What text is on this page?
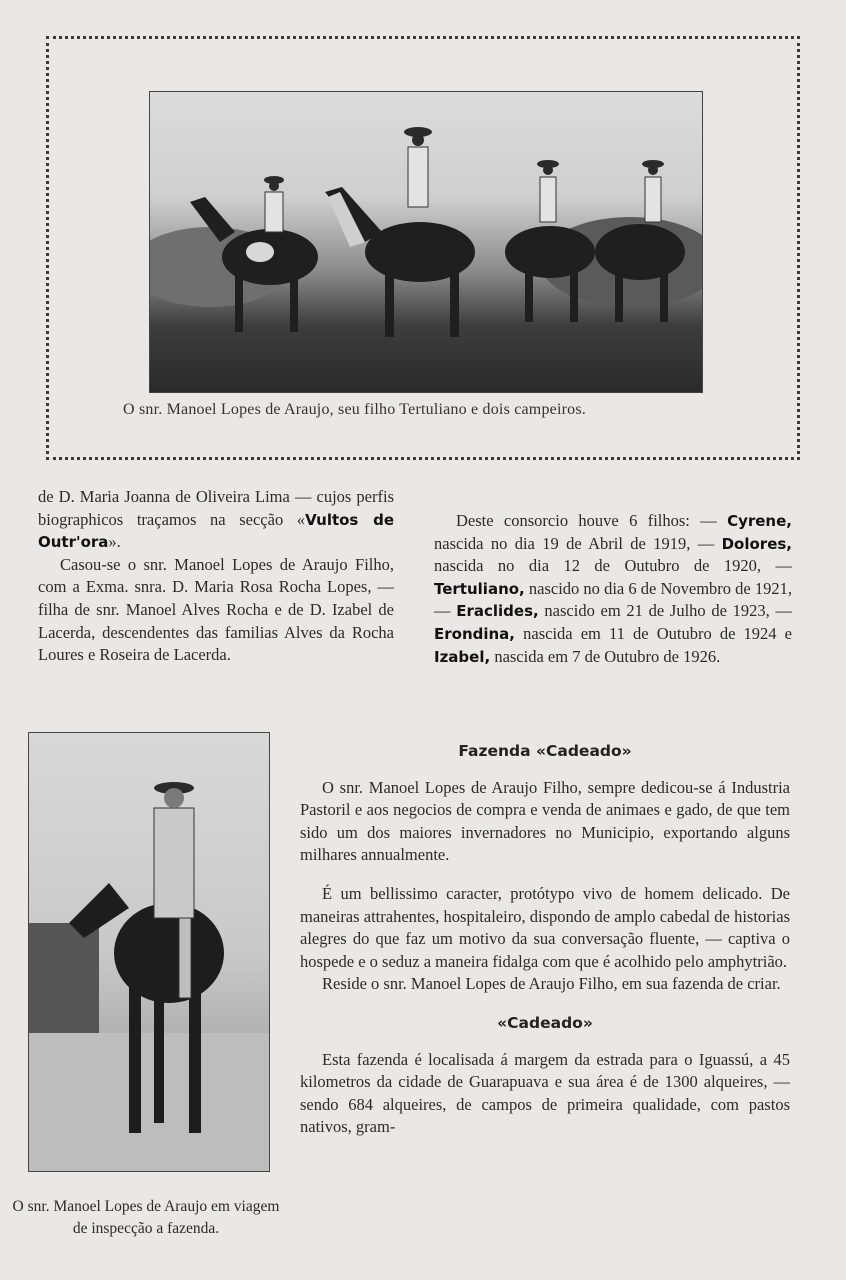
O snr. Manoel Lopes de Araujo, seu filho Tertuliano e dois campeiros.

de D. Maria Joanna de Oliveira Lima — cujos perfis biographicos traçamos na secção «Vultos de Outr'ora».

Casou-se o snr. Manoel Lopes de Araujo Filho, com a Exma. snra. D. Maria Rosa Rocha Lopes, — filha de snr. Manoel Alves Rocha e de D. Izabel de Lacerda, descendentes das familias Alves da Rocha Loures e Roseira de Lacerda.

Deste consorcio houve 6 filhos: — Cyrene, nascida no dia 19 de Abril de 1919, — Dolores, nascida no dia 12 de Outubro de 1920, — Tertuliano, nascido no dia 6 de Novembro de 1921, — Eraclides, nascido em 21 de Julho de 1923, — Erondina, nascida em 11 de Outubro de 1924 e Izabel, nascida em 7 de Outubro de 1926.

O snr. Manoel Lopes de Araujo em viagem de inspecção a fazenda.

Fazenda «Cadeado»

O snr. Manoel Lopes de Araujo Filho, sempre dedicou-se á Industria Pastoril e aos negocios de compra e venda de animaes e gado, de que tem sido um dos maiores invernadores no Municipio, exportando alguns milhares annualmente.

É um bellissimo caracter, protótypo vivo de homem delicado. De maneiras attrahentes, hospitaleiro, dispondo de amplo cabedal de historias alegres do que faz um motivo da sua conversação fluente, — captiva o hospede e o seduz a maneira fidalga com que é acolhido pelo amphytrião.

Reside o snr. Manoel Lopes de Araujo Filho, em sua fazenda de criar.

«Cadeado»

Esta fazenda é localisada á margem da estrada para o Iguassú, a 45 kilometros da cidade de Guarapuava e sua área é de 1300 alqueires, — sendo 684 alqueires, de campos de primeira qualidade, com pastos nativos, gram-
